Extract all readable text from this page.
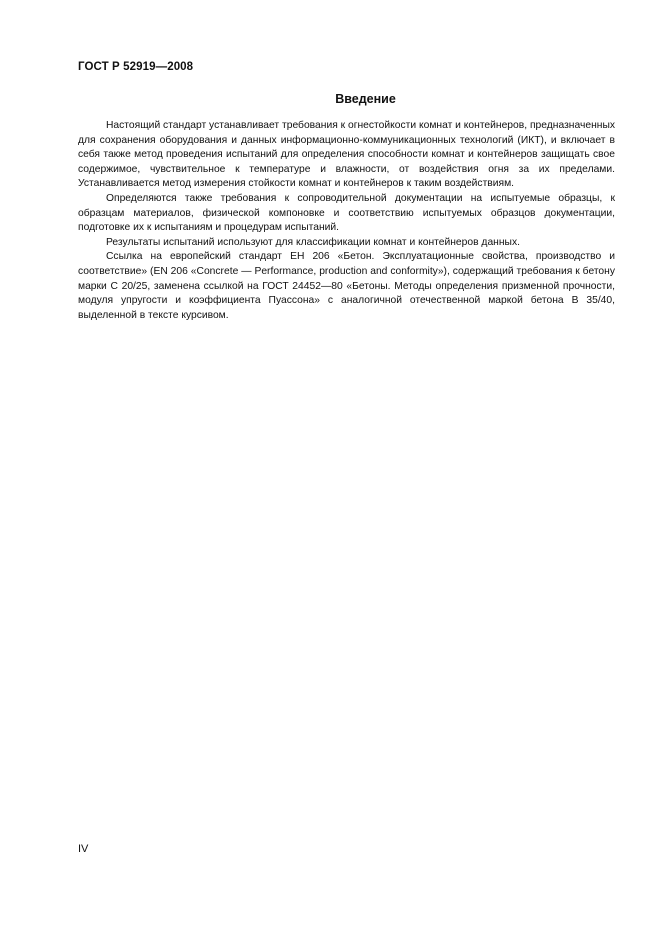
ГОСТ Р 52919—2008

Введение

Настоящий стандарт устанавливает требования к огнестойкости комнат и контейнеров, предназначенных для сохранения оборудования и данных информационно-коммуникационных технологий (ИКТ), и включает в себя также метод проведения испытаний для определения способности комнат и контейнеров защищать свое содержимое, чувствительное к температуре и влажности, от воздействия огня за их пределами. Устанавливается метод измерения стойкости комнат и контейнеров к таким воздействиям.

Определяются также требования к сопроводительной документации на испытуемые образцы, к образцам материалов, физической компоновке и соответствию испытуемых образцов документации, подготовке их к испытаниям и процедурам испытаний.

Результаты испытаний используют для классификации комнат и контейнеров данных.

Ссылка на европейский стандарт ЕН 206 «Бетон. Эксплуатационные свойства, производство и соответствие» (EN 206 «Concrete — Performance, production and conformity»), содержащий требования к бетону марки С 20/25, заменена ссылкой на ГОСТ 24452—80 «Бетоны. Методы определения призменной прочности, модуля упругости и коэффициента Пуассона» с аналогичной отечественной маркой бетона В 35/40, выделенной в тексте курсивом.

IV
